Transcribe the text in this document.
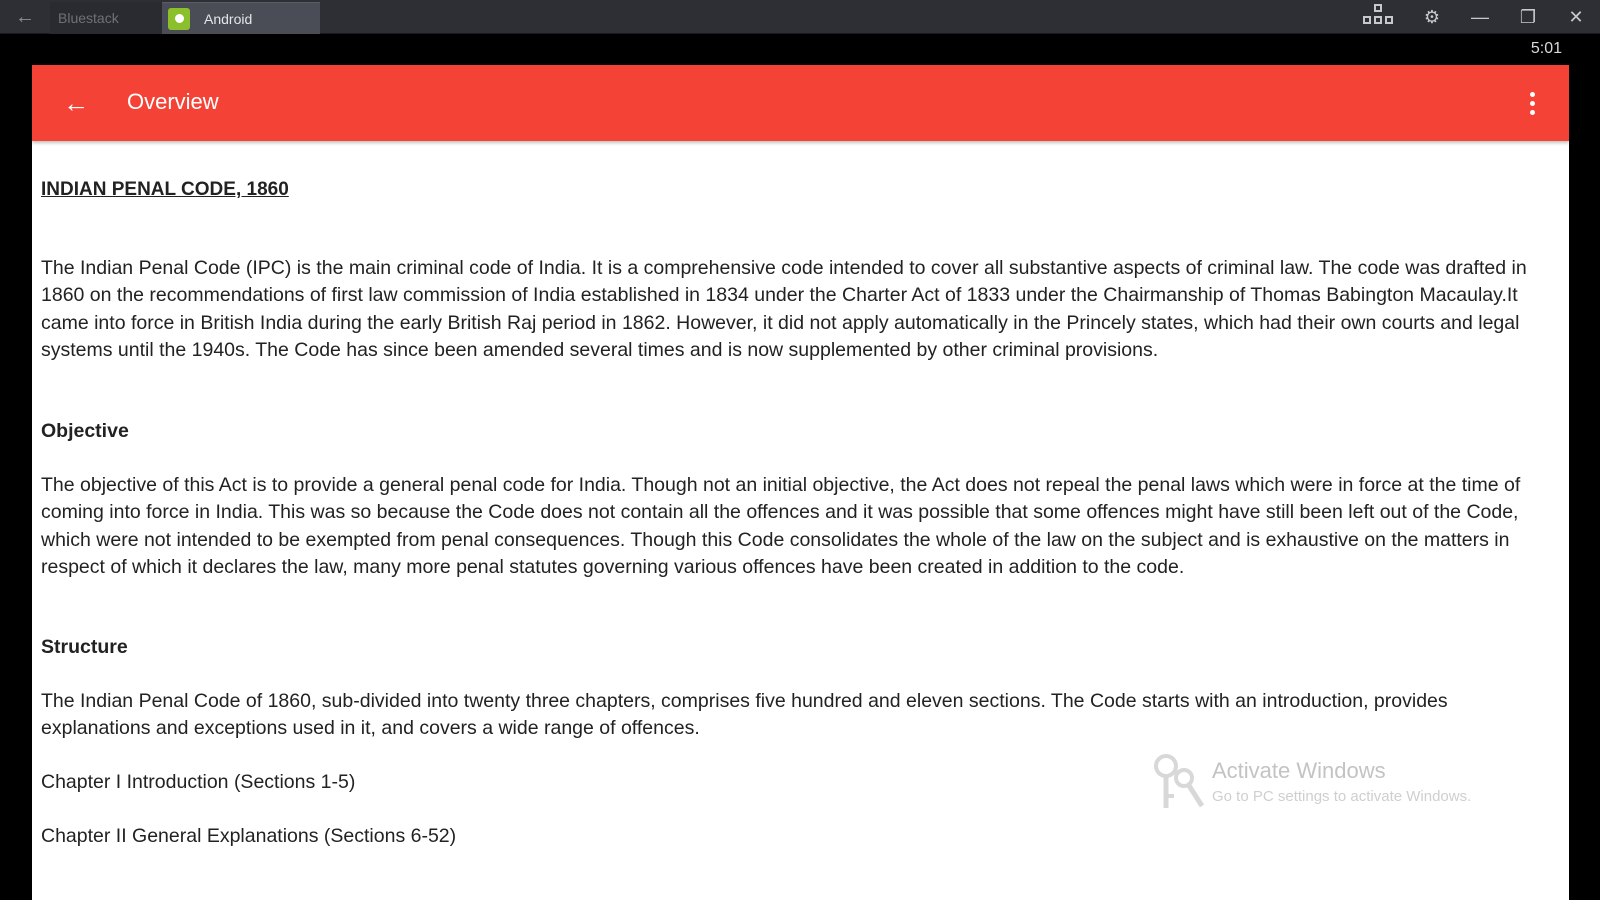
←	Bluestack	Android	⚙	—	❐	✕
5:01
←	Overview
INDIAN PENAL CODE, 1860
The Indian Penal Code (IPC) is the main criminal code of India. It is a comprehensive code intended to cover all substantive aspects of criminal law. The code was drafted in 1860 on the recommendations of first law commission of India established in 1834 under the Charter Act of 1833 under the Chairmanship of Thomas Babington Macaulay.It came into force in British India during the early British Raj period in 1862. However, it did not apply automatically in the Princely states, which had their own courts and legal systems until the 1940s. The Code has since been amended several times and is now supplemented by other criminal provisions.
Objective
The objective of this Act is to provide a general penal code for India. Though not an initial objective, the Act does not repeal the penal laws which were in force at the time of coming into force in India. This was so because the Code does not contain all the offences and it was possible that some offences might have still been left out of the Code, which were not intended to be exempted from penal consequences. Though this Code consolidates the whole of the law on the subject and is exhaustive on the matters in respect of which it declares the law, many more penal statutes governing various offences have been created in addition to the code.
Structure
The Indian Penal Code of 1860, sub-divided into twenty three chapters, comprises five hundred and eleven sections. The Code starts with an introduction, provides explanations and exceptions used in it, and covers a wide range of offences.
Chapter I Introduction (Sections 1-5)
Chapter II General Explanations (Sections 6-52)
Activate Windows
Go to PC settings to activate Windows.
